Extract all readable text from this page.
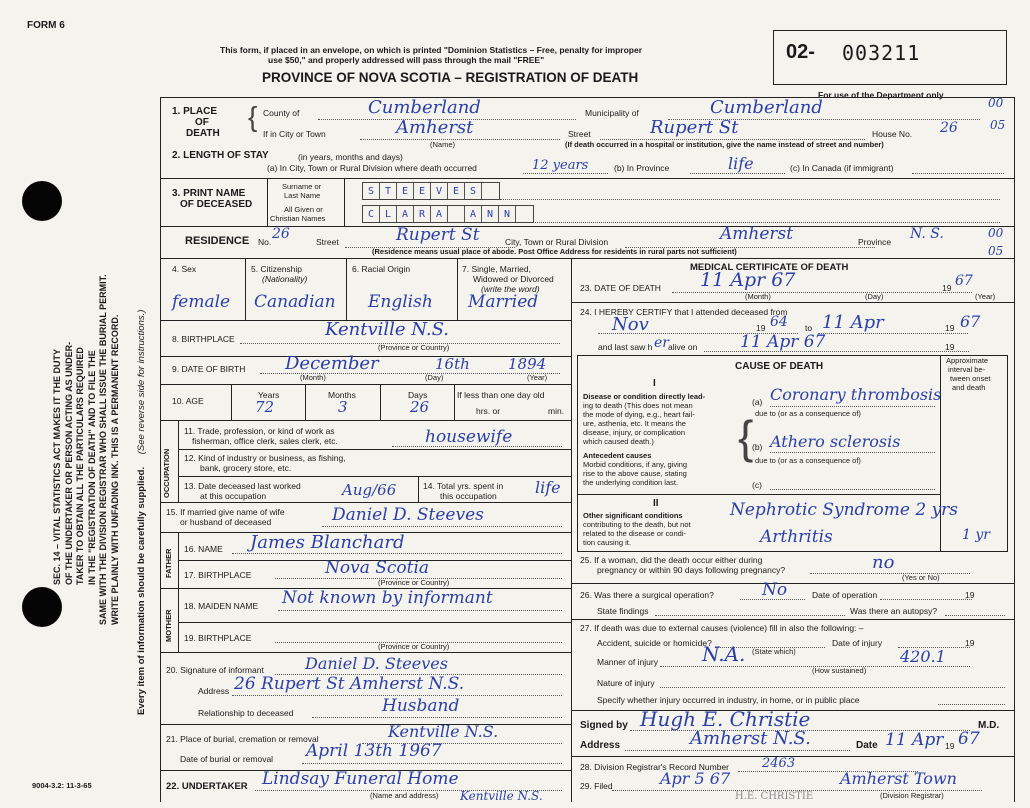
SEC. 14 – VITAL STATISTICS ACT MAKES IT THE DUTY OF THE UNDERTAKER OR PERSON ACTING AS UNDER- TAKER TO OBTAIN ALL THE PARTICULARS REQUIRED IN THE "REGISTRATION OF DEATH" AND TO FILE THE SAME WITH THE DIVISION REGISTRAR WHO SHALL ISSUE THE BURIAL PERMIT. WRITE PLAINLY WITH UNFADING INK. THIS IS A PERMANENT RECORD. Every item of information should be carefully supplied. (See reverse side for instructions.)
FORM 6
This form, if placed in an envelope, on which is printed "Dominion Statistics – Free, penalty for improper
use $50," and properly addressed will pass through the mail "FREE"
PROVINCE OF NOVA SCOTIA – REGISTRATION OF DEATH
02- 003211
For use of the Department only
00
05
1. PLACE
OF
DEATH
{ County of	Cumberland	Municipality of	Cumberland
If in City or Town	Amherst
(Name)
Street	Rupert St	House No. 26
(If death occurred in a hospital or institution, give the name instead of street and number)
2. LENGTH OF STAY	(in years, months and days)
(a) In City, Town or Rural Division where death occurred	12 years	(b) In Province	life	(c) In Canada (if immigrant)
3. PRINT NAME
OF DECEASED
Surname or
Last Name
All Given or
Christian Names
S	T	E	E	V	E	S
C	L	A	R	A	A	N	N
RESIDENCE No. 26	Street	Rupert St	City, Town or Rural Division	Amherst	Province N. S.	00
05
(Residence means usual place of abode. Post Office Address for residents in rural parts not sufficient)
4. Sex	5. Citizenship
(Nationality)
6. Racial Origin	7. Single, Married,
Widowed or Divorced
(write the word)
female Canadian English Married
8. BIRTHPLACE	Kentville N.S.
(Province or Country)
9. DATE OF BIRTH December	16th	1894
(Month)	(Day)	(Year)
10. AGE
Years	Months	Days
72	3	26
If less than one day old
hrs. or	min.
OCCUPATION
11. Trade, profession, or kind of work as
fisherman, office clerk, sales clerk, etc.	housewife
12. Kind of industry or business, as fishing,
bank, grocery store, etc.
13. Date deceased last worked
at this occupation	Aug/66	14. Total yrs. spent in
this occupation life
15. If married give name of wife
or husband of deceased	Daniel D. Steeves
FATHER 16. NAME James Blanchard
17. BIRTHPLACE	Nova Scotia
(Province or Country)
MOTHER
18. MAIDEN NAME Not known by informant
19. BIRTHPLACE
(Province or Country)
20. Signature of informant	Daniel D. Steeves
Address 26 Rupert St Amherst N.S.
Relationship to deceased	Husband
21. Place of burial, cremation or removal	Kentville N.S.
Date of burial or removal April 13th 1967
22. UNDERTAKER Lindsay Funeral Home
(Name and address) Kentville N.S.
9004-3.2: 11-3-65
MEDICAL CERTIFICATE OF DEATH
23. DATE OF DEATH 11 Apr 67	19 67
(Month)	(Day)	(Year)
24. I HEREBY CERTIFY that I attended deceased from
Nov	19 64 to 11 Apr	19 67
and last saw h er alive on	11 Apr 67	19
CAUSE OF DEATH
Approximate
interval be-
tween onset
and death
I
Disease or condition directly lead-
ing to death (This does not mean
the mode of dying, e.g., heart fail-
ure, asthenia, etc. It means the
disease, injury, or complication
which caused death.)
(a) Coronary thrombosis
due to (or as a consequence of)
{ Athero sclerosis
(b)
due to (or as a consequence of)
Antecedent causes
Morbid conditions, if any, giving
rise to the above cause, stating
the underlying condition last.	(c)
II
Other significant conditions
contributing to the death, but not
related to the disease or condi-
tion causing it.
Nephrotic Syndrome 2 yrs
Arthritis	1 yr
25. If a woman, did the death occur either during
pregnancy or within 90 days following pregnancy?	no
(Yes or No)
26. Was there a surgical operation?	No	Date of operation	19
State findings	Was there an autopsy?
27. If death was due to external causes (violence) fill in also the following: –
Accident, suicide or homicide?	Date of injury	19
N.A. (State which)	420.1
Manner of injury
(How sustained)
Nature of injury
Specify whether injury occurred in industry, in home, or in public place
Signed by Hugh E. Christie	M.D.
Address	Amherst N.S.	Date 11 Apr 19 67
28. Division Registrar's Record Number	2463
29. Filed	Apr 5 67	Amherst Town
(Division Registrar)
H.E. CHRISTIE
